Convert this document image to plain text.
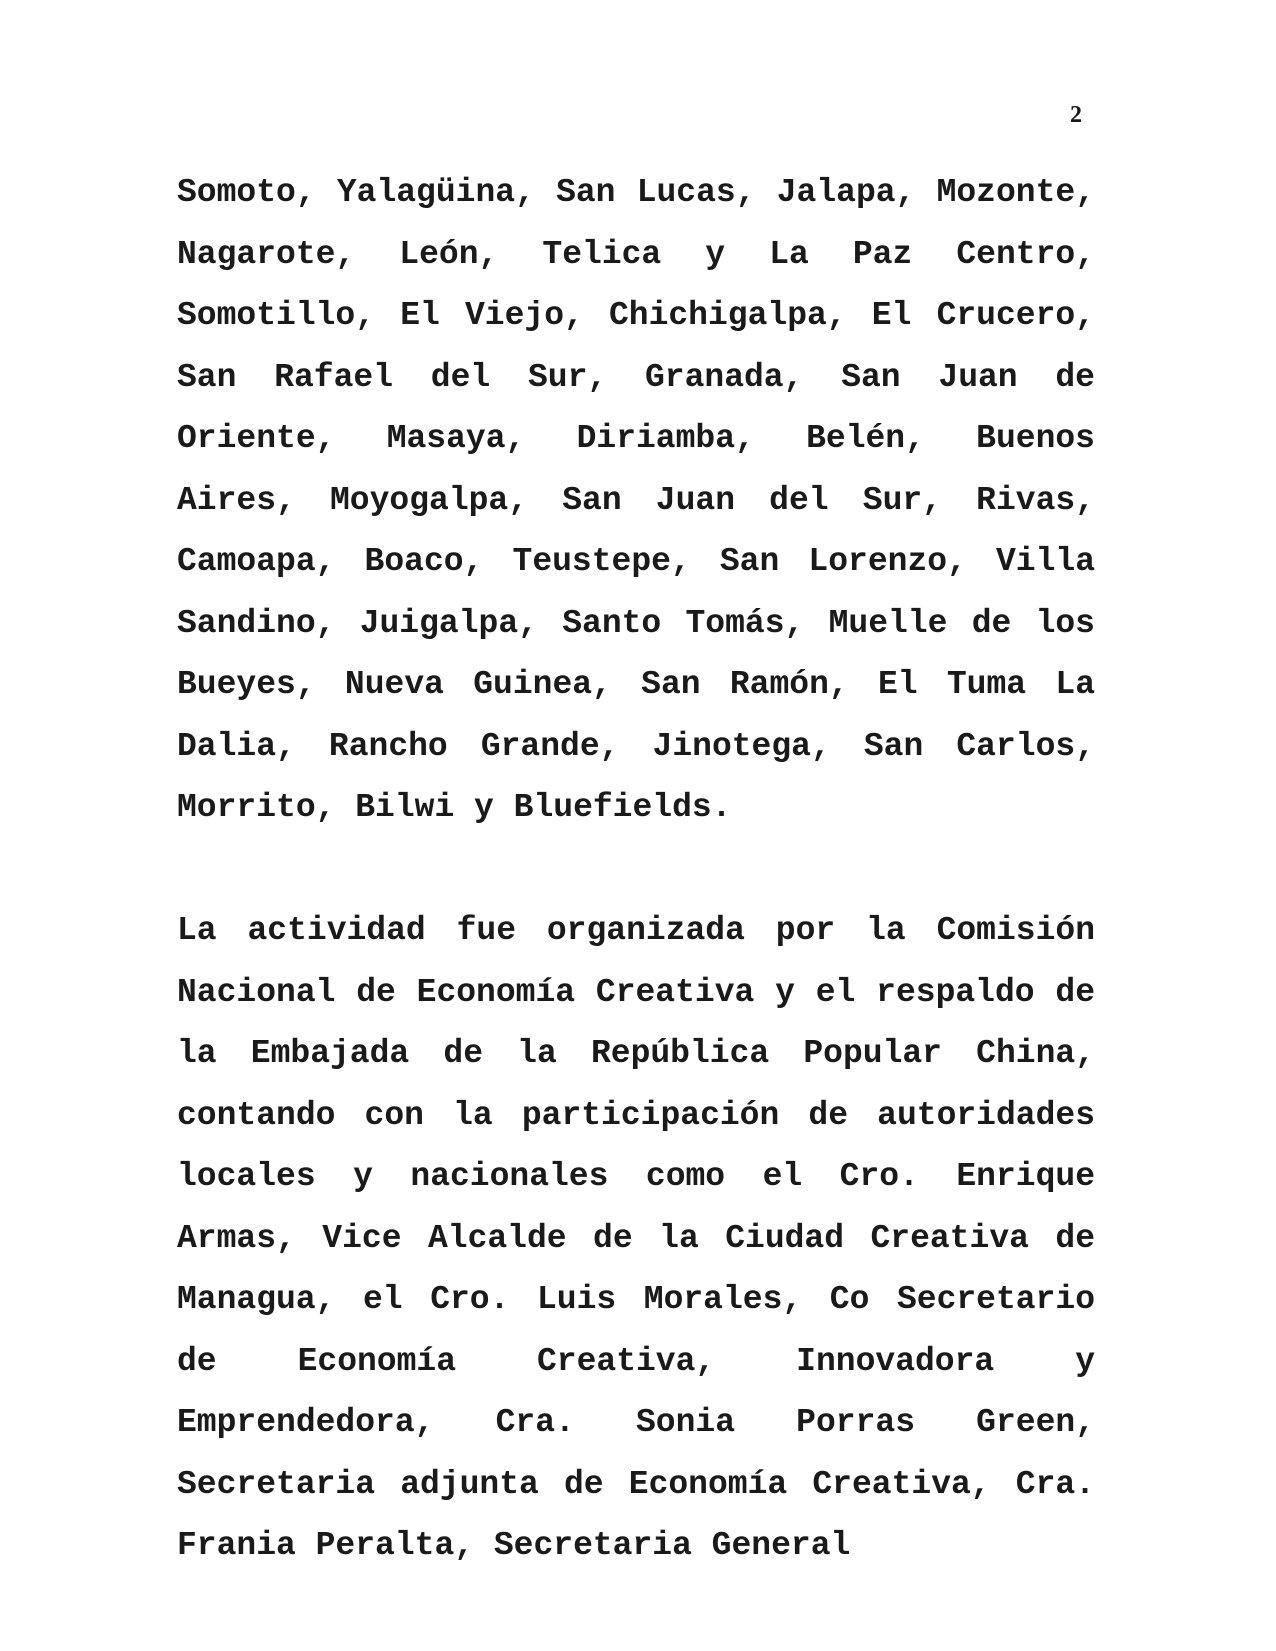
2

Somoto, Yalagüina, San Lucas, Jalapa, Mozonte, Nagarote, León, Telica y La Paz Centro, Somotillo, El Viejo, Chichigalpa, El Crucero, San Rafael del Sur, Granada, San Juan de Oriente, Masaya, Diriamba, Belén, Buenos Aires, Moyogalpa, San Juan del Sur, Rivas, Camoapa, Boaco, Teustepe, San Lorenzo, Villa Sandino, Juigalpa, Santo Tomás, Muelle de los Bueyes, Nueva Guinea, San Ramón, El Tuma La Dalia, Rancho Grande, Jinotega, San Carlos, Morrito, Bilwi y Bluefields.

La actividad fue organizada por la Comisión Nacional de Economía Creativa y el respaldo de la Embajada de la República Popular China, contando con la participación de autoridades locales y nacionales como el Cro. Enrique Armas, Vice Alcalde de la Ciudad Creativa de Managua, el Cro. Luis Morales, Co Secretario de Economía Creativa, Innovadora y Emprendedora, Cra. Sonia Porras Green, Secretaria adjunta de Economía Creativa, Cra. Frania Peralta, Secretaria General
